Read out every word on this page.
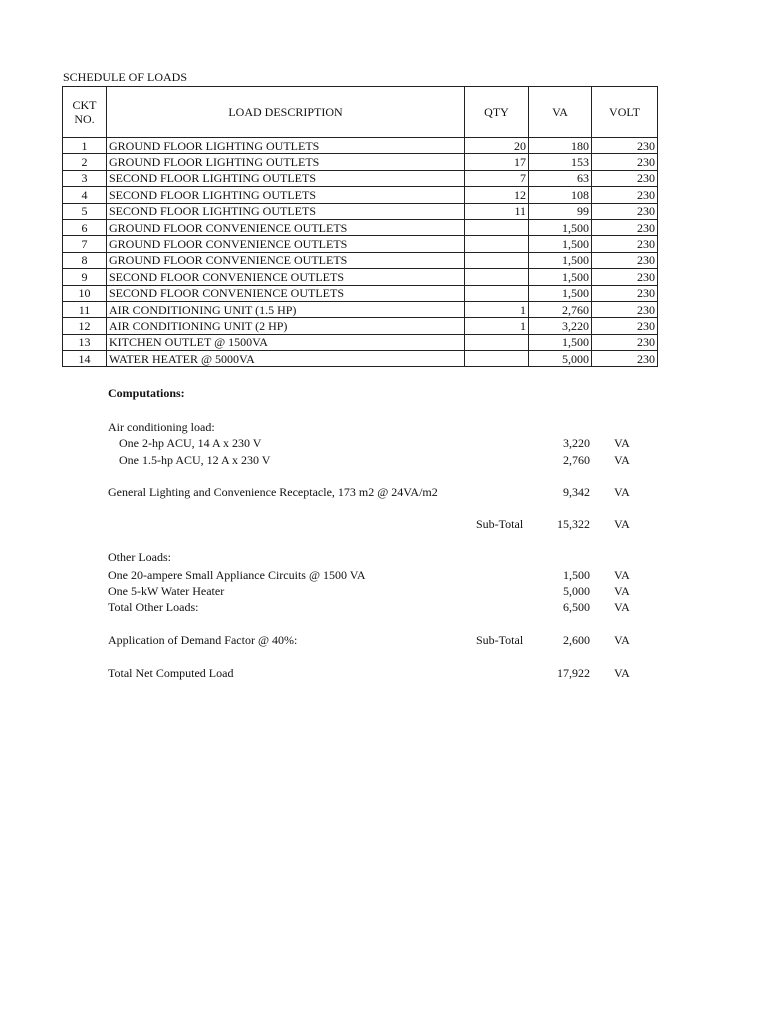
SCHEDULE OF LOADS
CKT
NO.	LOAD DESCRIPTION	QTY	VA	VOLT
1	GROUND FLOOR LIGHTING OUTLETS	20	180	230
2	GROUND FLOOR LIGHTING OUTLETS	17	153	230
3	SECOND FLOOR LIGHTING OUTLETS	7	63	230
4	SECOND FLOOR LIGHTING OUTLETS	12	108	230
5	SECOND FLOOR LIGHTING OUTLETS	11	99	230
6	GROUND FLOOR CONVENIENCE OUTLETS		1,500	230
7	GROUND FLOOR CONVENIENCE OUTLETS		1,500	230
8	GROUND FLOOR CONVENIENCE OUTLETS		1,500	230
9	SECOND FLOOR CONVENIENCE OUTLETS		1,500	230
10	SECOND FLOOR CONVENIENCE OUTLETS		1,500	230
11	AIR CONDITIONING UNIT (1.5 HP)	1	2,760	230
12	AIR CONDITIONING UNIT (2 HP)	1	3,220	230
13	KITCHEN OUTLET @ 1500VA		1,500	230
14	WATER HEATER @ 5000VA		5,000	230
Computations:
Air conditioning load:
One 2-hp ACU, 14 A x 230 V	3,220 VA
One 1.5-hp ACU, 12 A x 230 V	2,760 VA
General Lighting and Convenience Receptacle, 173 m2 @ 24VA/m2	9,342 VA
Sub-Total	15,322 VA
Other Loads:
One 20-ampere Small Appliance Circuits @ 1500 VA	1,500 VA
One 5-kW Water Heater	5,000 VA
Total Other Loads:	6,500 VA
Application of Demand Factor @ 40%:	Sub-Total	2,600 VA
Total Net Computed Load	17,922 VA
